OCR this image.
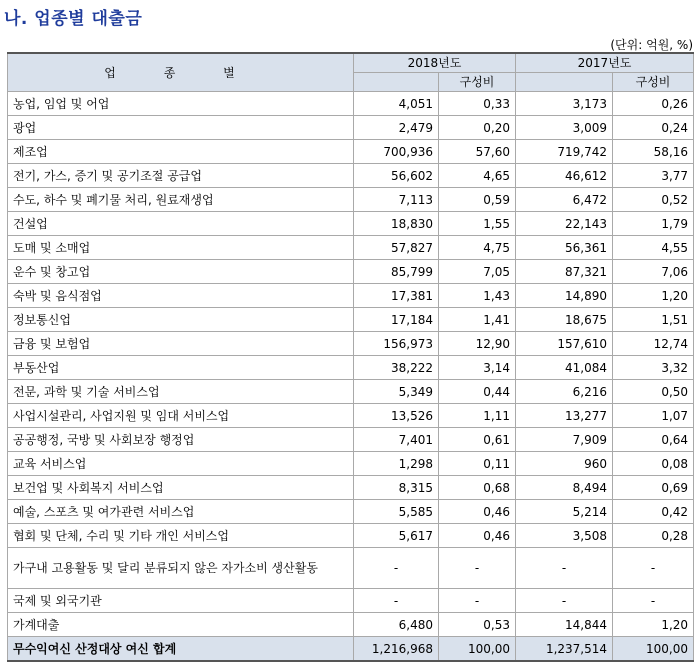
나. 업종별 대출금
(단위: 억원, %)
업 종 별	2018년도		2017년도	
		구성비		구성비
농업, 임업 및 어업	4,051	0,33	3,173	0,26
광업	2,479	0,20	3,009	0,24
제조업	700,936	57,60	719,742	58,16
전기, 가스, 증기 및 공기조절 공급업	56,602	4,65	46,612	3,77
수도, 하수 및 폐기물 처리, 원료재생업	7,113	0,59	6,472	0,52
건설업	18,830	1,55	22,143	1,79
도매 및 소매업	57,827	4,75	56,361	4,55
운수 및 창고업	85,799	7,05	87,321	7,06
숙박 및 음식점업	17,381	1,43	14,890	1,20
정보통신업	17,184	1,41	18,675	1,51
금융 및 보험업	156,973	12,90	157,610	12,74
부동산업	38,222	3,14	41,084	3,32
전문, 과학 및 기술 서비스업	5,349	0,44	6,216	0,50
사업시설관리, 사업지원 및 임대 서비스업	13,526	1,11	13,277	1,07
공공행정, 국방 및 사회보장 행정업	7,401	0,61	7,909	0,64
교육 서비스업	1,298	0,11	960	0,08
보건업 및 사회복지 서비스업	8,315	0,68	8,494	0,69
예술, 스포츠 및 여가관련 서비스업	5,585	0,46	5,214	0,42
협회 및 단체, 수리 및 기타 개인 서비스업	5,617	0,46	3,508	0,28
가구내 고용활동 및 달리 분류되지 않은 자가소비 생산활동	-	-	-	-
국제 및 외국기관	-	-	-	-
가계대출	6,480	0,53	14,844	1,20
무수익여신 산정대상 여신 합계	1,216,968	100,00	1,237,514	100,00
